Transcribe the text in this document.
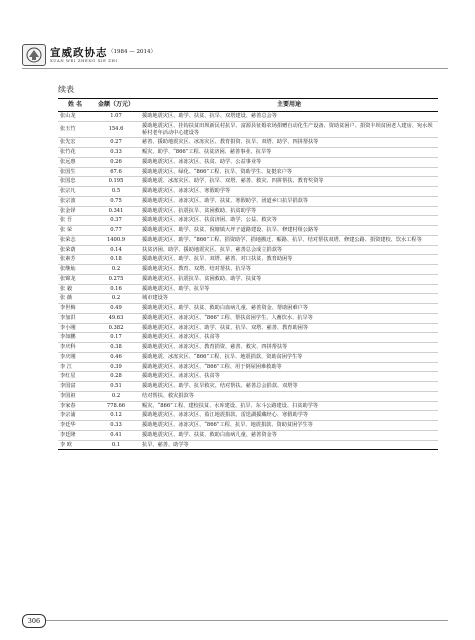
宣威政协志 （1984 — 2014）
XUAN WEI ZHENG XIE ZHI
续表
姓 名	金额（万元）	主要用途
张山龙	1.07	援助地震灾区、助学、扶贫、抗旱、双塔建设、慈善总会等
张玉竹	154.6	援助地震灾区、挂钩扶贫田坝新民村抗旱、富源县征婚农场捐赠自动化生产设备、资助贫困户、捐资丰坝贫困老人建房、宛水坝桥村老年活动中心建设等
张先宏	0.27	慈善、援助地震灾区、冰冻灾区、教育捐资、抗旱、双塔、助学、四拼帮扶等
张竹花	0.33	赈灾、助学、“866”工程、扶贫济困、慈善事业、抗旱等
张远惠	0.26	援助地震灾区、冰冻灾区、扶贫、助学、公益事业等
张国生	67.6	援助地震灾区、绿化、“866”工程、抗旱、资助学生、复挺农户等
张国忠	0.195	援助地震、冰冻灾区、助学、抗旱、双塔、慈善、救灾、四拼帮扶、教育奖资等
张宗凡	0.5	援助地震灾区、冰冻灾区、寒假助学等
张宗波	0.75	援助地震灾区、冰冻灾区、助学、扶贫、寒假助学、团道乡口抗旱捐款等
张金铎	0.341	援助地震灾区、抗震抗旱、贫困救助、抗贫助学等
张 吾	0.37	援助地震灾区、冰冻灾区、扶贫济困、助学、公益、救灾等
张 荣	0.77	援助地震灾区、助学、扶贫、倪塘镇大坪子道路建设、抗旱、修建村组公路等
张荣志	1400.9	援助地震灾区、助学、“866”工程、捐资助学、捐地搬迁、赈路、抗旱、结对帮扶双塔、修建公路、捐资建校、饮水工程等
张荣荫	0.14	扶贫济困、助学、援助地震灾区、抗旱、慈善总会成立捐款等
张素芳	0.18	援助地震灾区、助学、抗旱、双塔、慈善、对口扶贫、教育助困等
张继灿	0.2	援助地震灾区、教育、双塔、结对帮扶、抗旱等
张锦龙	0.275	援助地震灾区、抗震抗旱、贫困救助、助学、扶贫等
张 毅	0.16	援助地震灾区、助学、抗旱等
张 薇	0.2	城市建设等
李世梅	0.49	援助地震灾区、助学、扶贫、救助白血病儿童、慈善资金、帮助困难户等
李加洪	49.63	援助地震灾区、冰冻灾区、“866”工程、帮扶贫困学生、人畜饮水、抗旱等
李小刚	0.382	援助地震灾区、冰冻灾区、助学、扶贫、抗旱、双塔、慈善、教育助困等
李如鹏	0.17	援助地震灾区、冰冻灾区、扶贫等
李庆科	0.38	援助地震灾区、冰冻灾区、教育捐资、慈善、救灾、四拼帮扶等
李庆刚	0.46	援助地震、冰冻灾区、“866”工程、抗旱、地震捐款、资助贫困学生等
李 江	0.39	援助地震灾区、冰冻灾区、“866”工程、用于倒屋困难救助等
李红星	0.28	援助地震灾区、冰冻灾区、扶贫等
李国富	0.51	援助地震灾区、助学、抗旱救灾、结对帮扶、慈善总会捐款、双塔等
李国祖	0.2	结对帮扶、救灾捐款等
李家春	778.66	赈灾、“866”工程、建校扶贫、水库建设、抗旱、东斗公路建设、扫贫助学等
李宗浦	0.12	援助地震灾区、冰冻灾区、盈江地震捐款、雷迭湖援藏经心、寒假助学等
李廷华	0.33	援助地震灾区、冰冻灾区、“866”工程、抗旱、地震捐款、资助贫困学生等
李廷隆	0.41	援助地震灾区、助学、扶贫、救助白血病儿童、慈善资金等
李 欧	0.1	抗旱、慈善、助学等
306
